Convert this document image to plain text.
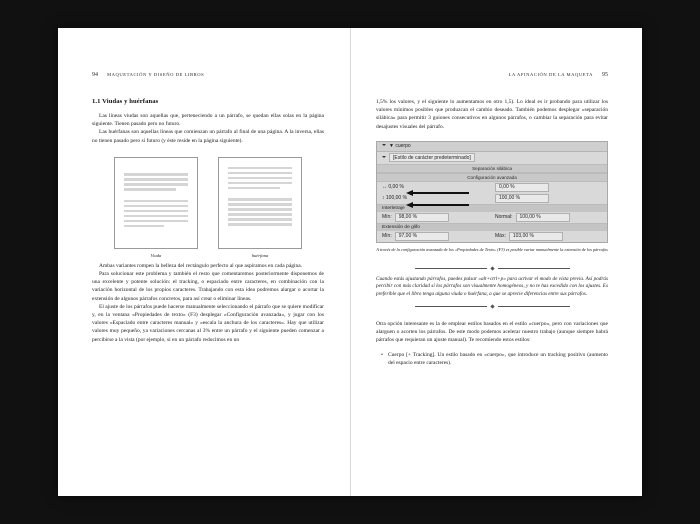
94 MAQUETACIÓN Y DISEÑO DE LIBROS
1.1 Viudas y huérfanas

Las líneas viudas son aquellas que, perteneciendo a un párrafo, se quedan ellas solas en la página siguiente. Tienen pasado pero no futuro.

Las huérfanas son aquellas líneas que comienzan un párrafo al final de una página. A la inversa, ellas no tienen pasado pero sí futuro (y éste reside en la página siguiente).

Viuda	huérfana

Ambas variantes rompen la belleza del rectángulo perfecto al que aspiramos en cada página.

Para solucionar este problema y también el resto que comentaremos posteriormente disponemos de una excelente y potente solución: el tracking, o espaciado entre caracteres, en combinación con la variación horizontal de los propios caracteres. Trabajando con esta idea podremos alargar o acortar la extensión de algunos párrafos concretos, para así crear o eliminar líneas.

El ajuste de los párrafos puede hacerse manualmente seleccionando el párrafo que se quiere modificar y, en la ventana «Propiedades de texto» (F3) desplegar «Configuración avanzada», y jugar con los valores «Espaciado entre caracteres manual» y «escala la anchura de los caracteres». Hay que utilizar valores muy pequeño, ya variaciones cercanas al 3% entre un párrafo y el siguiente pueden comenzar a percibirse a la vista (por ejemplo, si en un párrafo reducimos en un

LA AFINACIÓN DE LA MAQUETA 95

1,5% los valores, y el siguiente lo aumentamos en otro 1,5). Lo ideal es ir probando para utilizar los valores mínimos posibles que produzcan el cambio deseado. También podemos desplegar «separación silábica» para permitir 3 guiones consecutivos en algunos párrafos, o cambiar la separación para evitar desajustes visuales del párrafo.

▼ cuerpo
[Estilo de carácter predeterminado]
Separación silábica
Configuración avanzada
↔ 0,00 %	0,00 %
↕ 100,00 %	100,00 %
Interletraje
Mín:	98,00 %	Normal:	100,00 %
Extensión de glifo
Mín:	97,00 %	Máx:	103,00 %

A través de la configuración avanzada de los «Propiedades de Texto» (F3) es posible variar manualmente la extensión de los párrafos

Cuando estás ajustando párrafos, puedes pulsar «alt+ctrl+p» para activar el modo de vista previa. Así podrás percibir con más claridad si los párrafos son visualmente homogéneos, y no te has excedido con los ajustes. Es preferible que el libro tenga alguna viuda o huérfana, a que se aprecie diferencias entre sus párrafos.

Otra opción interesante es la de emplear estilos basados en el estilo «cuerpo», pero con variaciones que alarguen o acorten los párrafos. De este modo podemos acelerar nuestro trabajo (aunque siempre habrá párrafos que requieran un ajuste manual). Te recomiendo estos estilos:

• Cuerpo [+ Tracking]. Un estilo basado en «cuerpo», que introduce un tracking positivo (aumento del espacio entre caracteres).
